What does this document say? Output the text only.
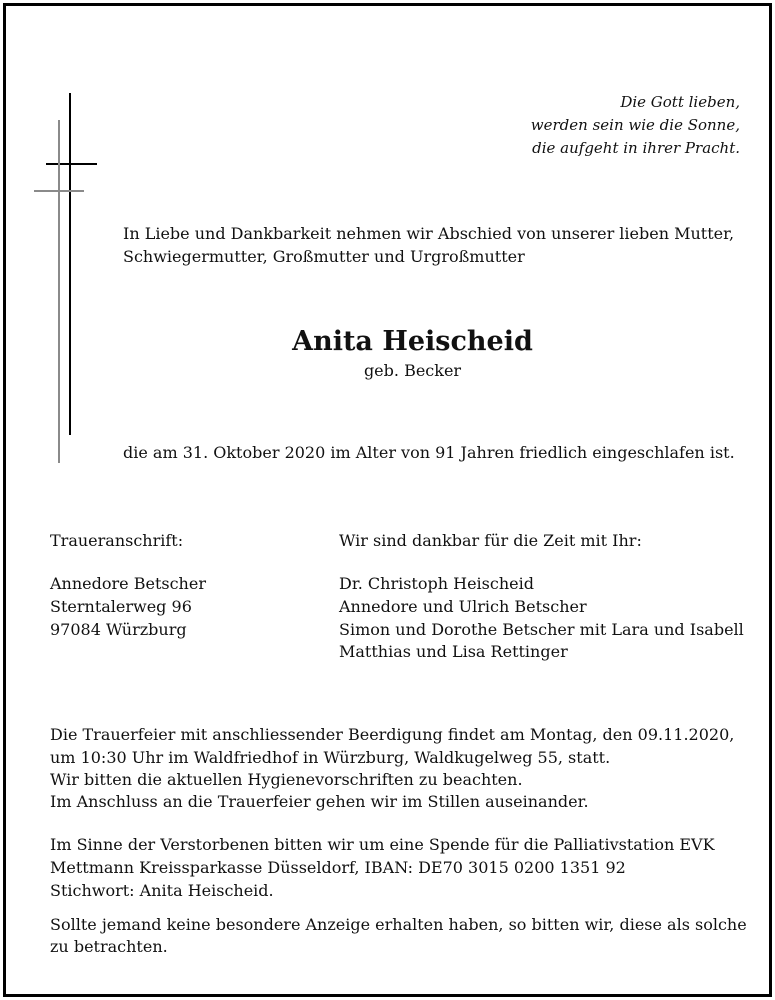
Die Gott lieben,
werden sein wie die Sonne,
die aufgeht in ihrer Pracht.
In Liebe und Dankbarkeit nehmen wir Abschied von unserer lieben Mutter,
Schwiegermutter, Großmutter und Urgroßmutter
Anita Heischeid
geb. Becker
die am 31. Oktober 2020 im Alter von 91 Jahren friedlich eingeschlafen ist.
Traueranschrift:
Annedore Betscher
Sterntalerweg 96
97084 Würzburg
Wir sind dankbar für die Zeit mit Ihr:
Dr. Christoph Heischeid
Annedore und Ulrich Betscher
Simon und Dorothe Betscher mit Lara und Isabell
Matthias und Lisa Rettinger
Die Trauerfeier mit anschliessender Beerdigung findet am Montag, den 09.11.2020,
um 10:30 Uhr im Waldfriedhof in Würzburg, Waldkugelweg 55, statt.
Wir bitten die aktuellen Hygienevorschriften zu beachten.
Im Anschluss an die Trauerfeier gehen wir im Stillen auseinander.
Im Sinne der Verstorbenen bitten wir um eine Spende für die Palliativstation EVK
Mettmann Kreissparkasse Düsseldorf, IBAN: DE70 3015 0200 1351 92
Stichwort: Anita Heischeid.
Sollte jemand keine besondere Anzeige erhalten haben, so bitten wir, diese als solche
zu betrachten.
